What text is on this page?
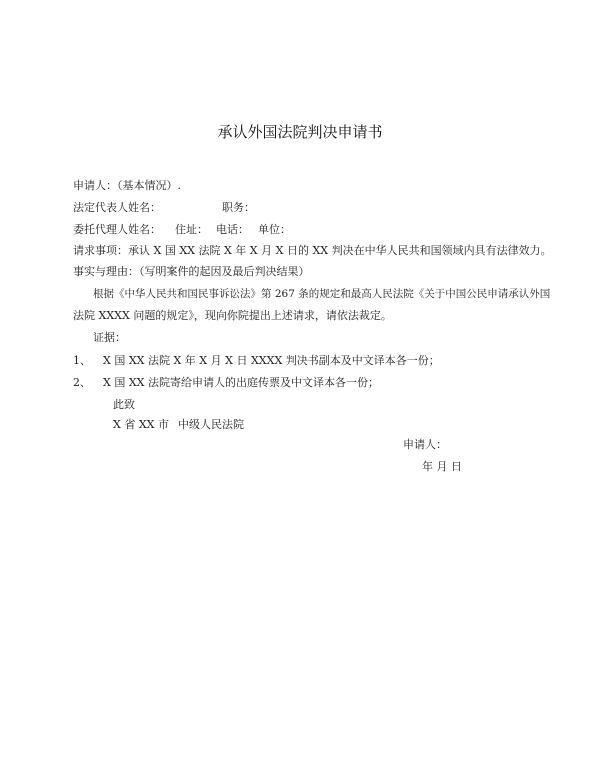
承认外国法院判决申请书
申请人：（基本情况）.
法定代表人姓名：	职务：
委托代理人姓名： 住址： 电话： 单位：
请求事项：承认 X 国 XX 法院 X 年 X 月 X 日的 XX 判决在中华人民共和国领域内具有法律效力。
事实与理由：（写明案件的起因及最后判决结果）
根据《中华人民共和国民事诉讼法》第 267 条的规定和最高人民法院《关于中国公民申请承认外国
法院 XXXX 问题的规定》，现向你院提出上述请求，请依法裁定。
证据：
1、 X 国 XX 法院 X 年 X 月 X 日 XXXX 判决书副本及中文译本各一份；
2、 X 国 XX 法院寄给申请人的出庭传票及中文译本各一份；
此致
X 省 XX 市 中级人民法院
申请人：
年 月 日
